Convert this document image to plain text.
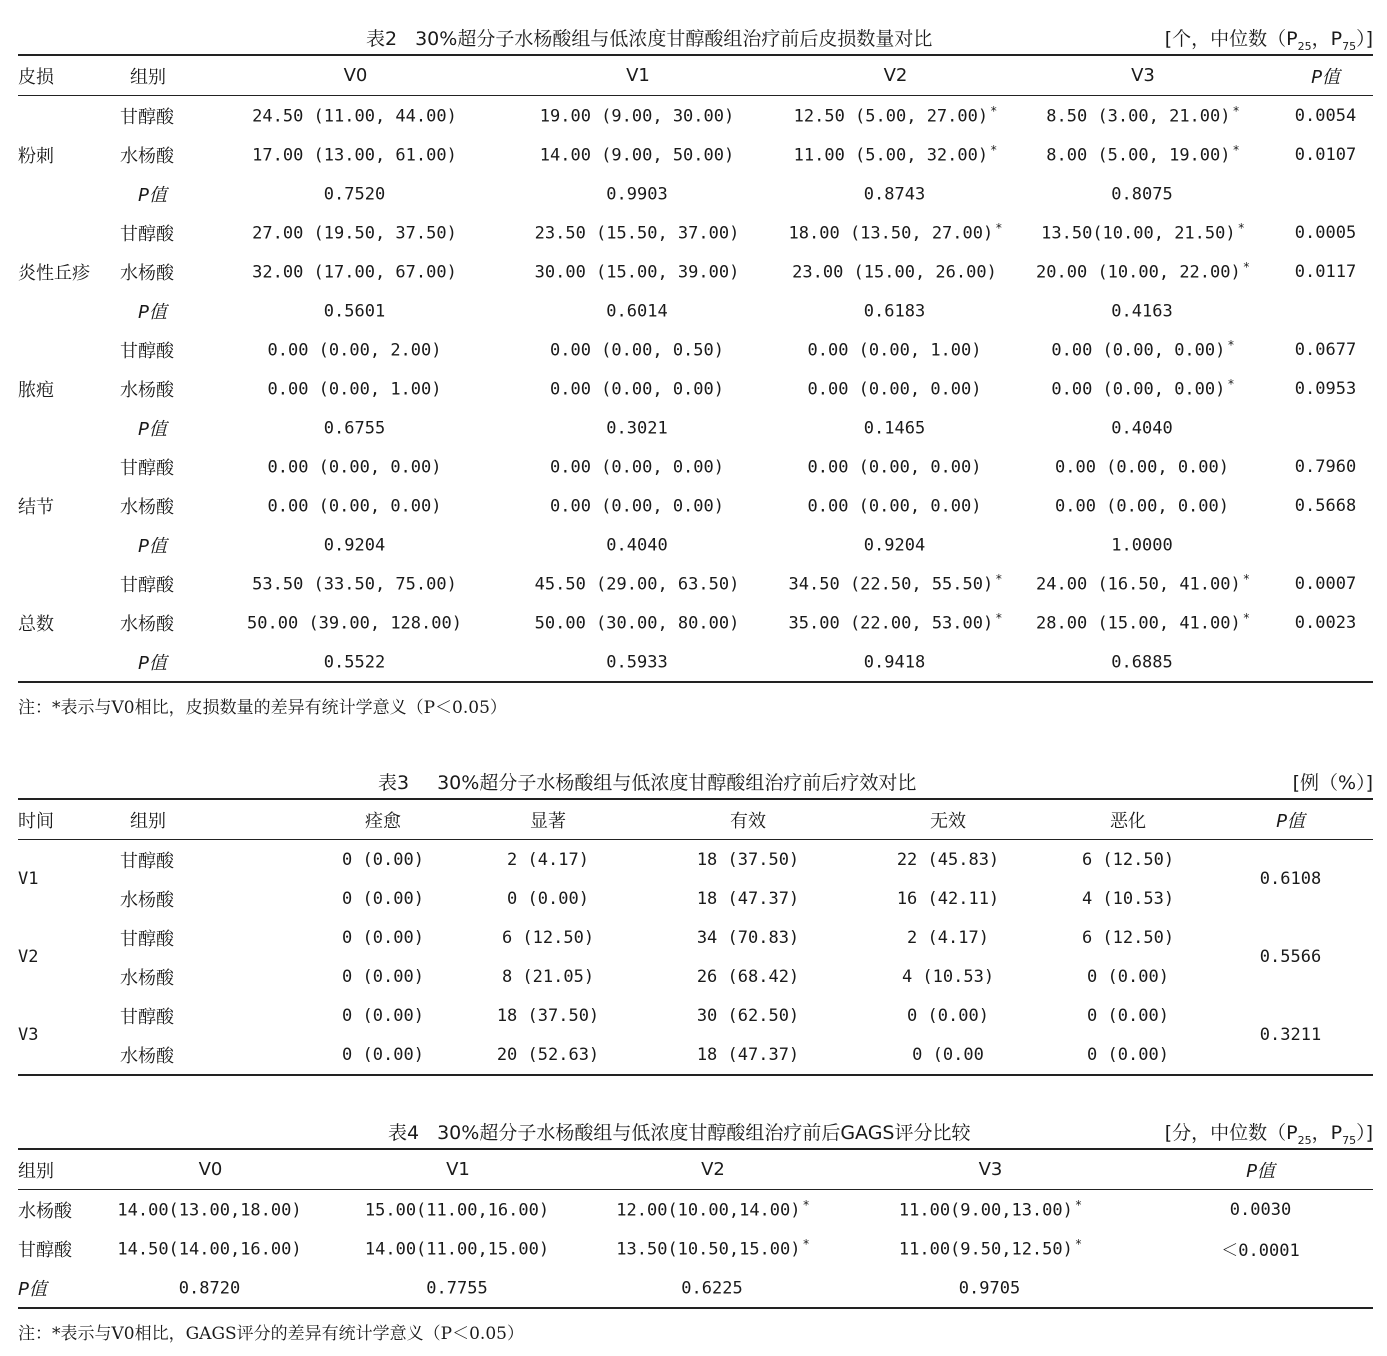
表2 30%超分子水杨酸组与低浓度甘醇酸组治疗前后皮损数量对比	[个，中位数（$P_{25}$，$P_{75}$）]
皮损	组别	V0	V1	V2	V3	P值
粉刺	甘醇酸	24.50 (11.00, 44.00)	19.00 (9.00, 30.00)	12.50 (5.00, 27.00) *	8.50 (3.00, 21.00) *	0.0054
	水杨酸	17.00 (13.00, 61.00)	14.00 (9.00, 50.00)	11.00 (5.00, 32.00) *	8.00 (5.00, 19.00) *	0.0107
	P值	0.7520	0.9903	0.8743	0.8075	
炎性丘疹	甘醇酸	27.00 (19.50, 37.50)	23.50 (15.50, 37.00)	18.00 (13.50, 27.00) *	13.50(10.00, 21.50) *	0.0005
	水杨酸	32.00 (17.00, 67.00)	30.00 (15.00, 39.00)	23.00 (15.00, 26.00)	20.00 (10.00, 22.00) *	0.0117
	P值	0.5601	0.6014	0.6183	0.4163	
脓疱	甘醇酸	0.00 (0.00, 2.00)	0.00 (0.00, 0.50)	0.00 (0.00, 1.00)	0.00 (0.00, 0.00) *	0.0677
	水杨酸	0.00 (0.00, 1.00)	0.00 (0.00, 0.00)	0.00 (0.00, 0.00)	0.00 (0.00, 0.00) *	0.0953
	P值	0.6755	0.3021	0.1465	0.4040	
结节	甘醇酸	0.00 (0.00, 0.00)	0.00 (0.00, 0.00)	0.00 (0.00, 0.00)	0.00 (0.00, 0.00)	0.7960
	水杨酸	0.00 (0.00, 0.00)	0.00 (0.00, 0.00)	0.00 (0.00, 0.00)	0.00 (0.00, 0.00)	0.5668
	P值	0.9204	0.4040	0.9204	1.0000	
总数	甘醇酸	53.50 (33.50, 75.00)	45.50 (29.00, 63.50)	34.50 (22.50, 55.50) *	24.00 (16.50, 41.00) *	0.0007
	水杨酸	50.00 (39.00, 128.00)	50.00 (30.00, 80.00)	35.00 (22.00, 53.00) *	28.00 (15.00, 41.00) *	0.0023
	P值	0.5522	0.5933	0.9418	0.6885	
注：*表示与V0相比，皮损数量的差异有统计学意义（P＜0.05）
表3 30%超分子水杨酸组与低浓度甘醇酸组治疗前后疗效对比	[例（%）]
时间	组别	痊愈	显著	有效	无效	恶化	P值
V1	甘醇酸	0 (0.00)	2 (4.17)	18 (37.50)	22 (45.83)	6 (12.50)	0.6108
	水杨酸	0 (0.00)	0 (0.00)	18 (47.37)	16 (42.11)	4 (10.53)	
V2	甘醇酸	0 (0.00)	6 (12.50)	34 (70.83)	2 (4.17)	6 (12.50)	0.5566
	水杨酸	0 (0.00)	8 (21.05)	26 (68.42)	4 (10.53)	0 (0.00)	
V3	甘醇酸	0 (0.00)	18 (37.50)	30 (62.50)	0 (0.00)	0 (0.00)	0.3211
	水杨酸	0 (0.00)	20 (52.63)	18 (47.37)	0 (0.00	0 (0.00)	
表4 30%超分子水杨酸组与低浓度甘醇酸组治疗前后GAGS评分比较	[分，中位数（$P_{25}$，$P_{75}$）]
组别	V0	V1	V2	V3	P值
水杨酸	14.00(13.00,18.00)	15.00(11.00,16.00)	12.00(10.00,14.00) *	11.00(9.00,13.00) *	0.0030
甘醇酸	14.50(14.00,16.00)	14.00(11.00,15.00)	13.50(10.50,15.00) *	11.00(9.50,12.50) *	＜0.0001
P值	0.8720	0.7755	0.6225	0.9705	
注：*表示与V0相比，GAGS评分的差异有统计学意义（P＜0.05）
